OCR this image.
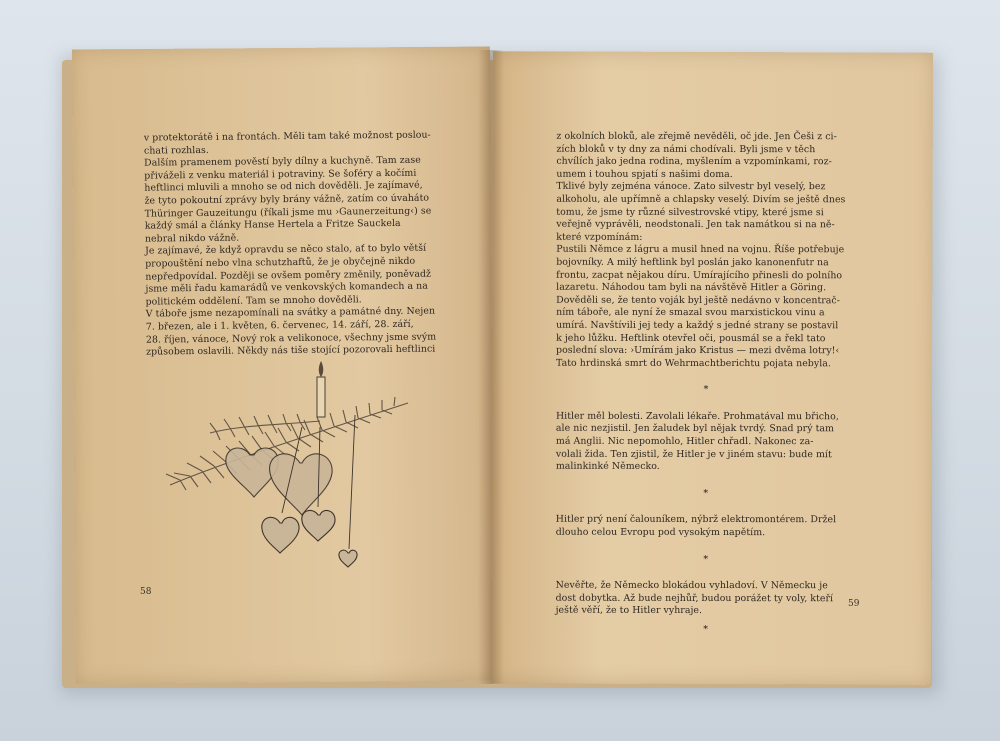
v protektorátě i na frontách. Měli tam také možnost poslou-

chati rozhlas.

Dalším pramenem pověstí byly dílny a kuchyně. Tam zase

přiváželi z venku materiál i potraviny. Se šoféry a kočími

heftlinci mluvili a mnoho se od nich dověděli. Je zajímavé,

že tyto pokoutní zprávy byly brány vážně, zatím co úvaháto

Thüringer Gauzeitungu (říkali jsme mu ›Gaunerzeitung‹) se

každý smál a články Hanse Hertela a Fritze Sauckela

nebral nikdo vážně.

Je zajímavé, že když opravdu se něco stalo, ať to bylo větší

propouštění nebo vlna schutzhaftů, že je obyčejně nikdo

nepředpovídal. Později se ovšem poměry změnily, poněvadž

jsme měli řadu kamarádů ve venkovských komandech a na

politickém oddělení. Tam se mnoho dověděli.

V táboře jsme nezapomínali na svátky a památné dny. Nejen

7. březen, ale i 1. květen, 6. červenec, 14. září, 28. září,

28. říjen, vánoce, Nový rok a velikonoce, všechny jsme svým

způsobem oslavili. Někdy nás tiše stojící pozorovali heftlinci

z okolních bloků, ale zřejmě nevěděli, oč jde. Jen Češi z ci-

zích bloků v ty dny za námi chodívali. Byli jsme v těch

chvílích jako jedna rodina, myšlením a vzpomínkami, roz-

umem i touhou spjatí s našimi doma.

Tklivé byly zejména vánoce. Zato silvestr byl veselý, bez

alkoholu, ale upřímně a chlapsky veselý. Divím se ještě dnes

tomu, že jsme ty různé silvestrovské vtipy, které jsme si

veřejně vyprávěli, neodstonali. Jen tak namátkou si na ně-

které vzpomínám:

Pustili Němce z lágru a musil hned na vojnu. Říše potřebuje

bojovníky. A milý heftlink byl poslán jako kanonenfutr na

frontu, zacpat nějakou díru. Umírajícího přinesli do polního

lazaretu. Náhodou tam byli na návštěvě Hitler a Göring.

Dověděli se, že tento voják byl ještě nedávno v koncentrač-

ním táboře, ale nyní že smazal svou marxistickou vinu a

umírá. Navštívili jej tedy a každý s jedné strany se postavil

k jeho lůžku. Heftlink otevřel oči, pousmál se a řekl tato

poslední slova: ›Umírám jako Kristus — mezi dvěma lotry!‹

Tato hrdinská smrt do Wehrmachtberichtu pojata nebyla.

*

Hitler měl bolesti. Zavolali lékaře. Prohmatával mu břicho,

ale nic nezjistil. Jen žaludek byl nějak tvrdý. Snad prý tam

má Anglii. Nic nepomohlo, Hitler chřadl. Nakonec za-

volali žida. Ten zjistil, že Hitler je v jiném stavu: bude mít

malinkinké Německo.

*

Hitler prý není čalouníkem, nýbrž elektromontérem. Držel

dlouho celou Evropu pod vysokým napětím.

*

Nevěřte, že Německo blokádou vyhladoví. V Německu je

dost dobytka. Až bude nejhůř, budou porážet ty voly, kteří

ještě věří, že to Hitler vyhraje.

*

58
59
